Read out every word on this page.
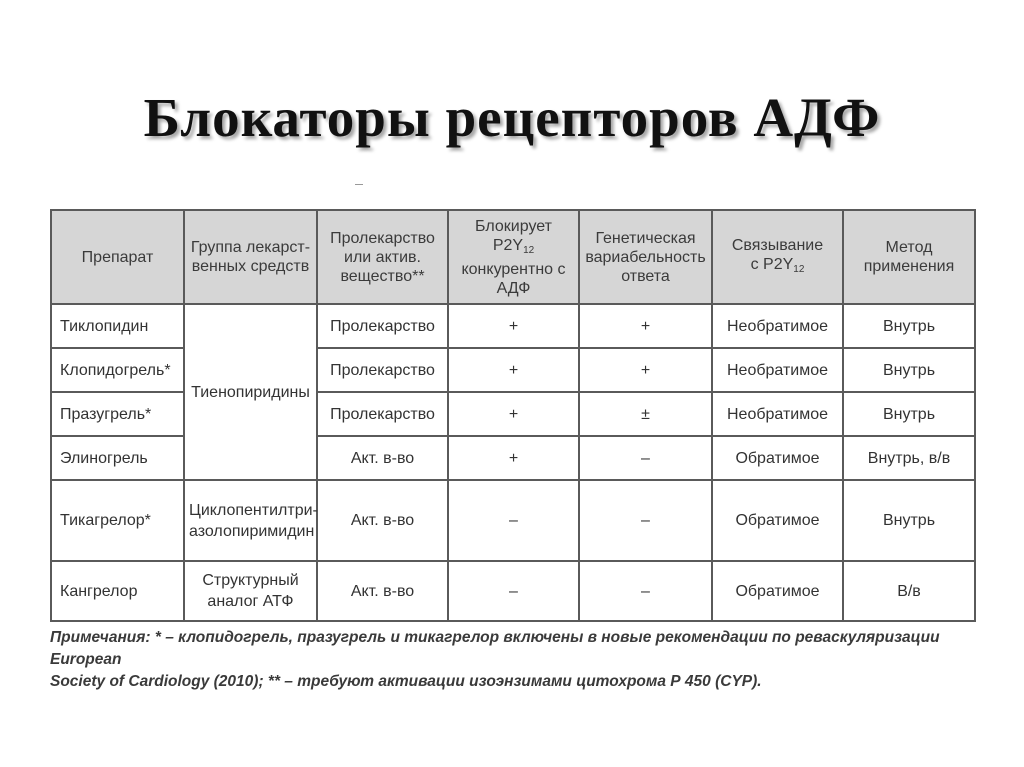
Блокаторы рецепторов АДФ
Препарат	Группа лекарст-венных средств	Пролекарство
или актив.
вещество**	Блокирует $P2Y_{12}$
конкурентно с
АДФ	Генетическая
вариабельность
ответа	Связывание
с $P2Y_{12}$	Метод
применения
Тиклопидин	Тиенопиридины	Пролекарство	+	+	Необратимое	Внутрь
Клопидогрель*		Пролекарство	+	+	Необратимое	Внутрь
Празугрель*		Пролекарство	+	±	Необратимое	Внутрь
Элиногрель		Акт. в-во	+	–	Обратимое	Внутрь, в/в
Тикагрелор*	Циклопентилтри-
азолопиримидин	Акт. в-во	–	–	Обратимое	Внутрь
Кангрелор	Структурный
аналог АТФ	Акт. в-во	–	–	Обратимое	В/в
Примечания: * – клопидогрель, празугрель и тикагрелор включены в новые рекомендации по реваскуляризации European
Society of Cardiology (2010); ** – требуют активации изоэнзимами цитохрома Р 450 (CYP).
